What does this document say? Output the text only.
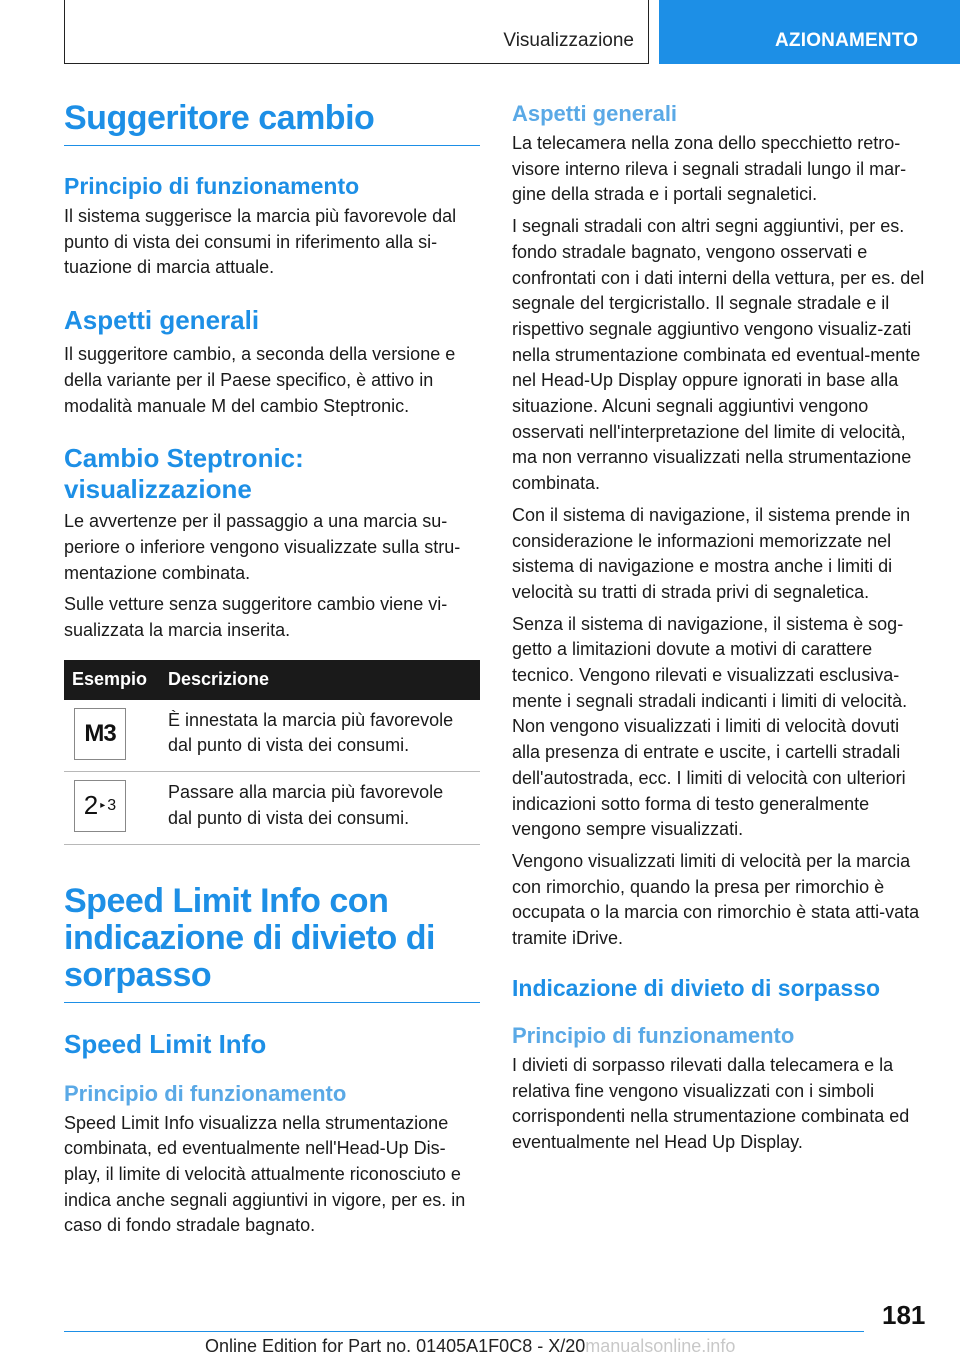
Visualizzazione	AZIONAMENTO
Suggeritore cambio
Principio di funzionamento

Il sistema suggerisce la marcia più favorevole dal punto di vista dei consumi in riferimento alla si-tuazione di marcia attuale.

Aspetti generali

Il suggeritore cambio, a seconda della versione e della variante per il Paese specifico, è attivo in modalità manuale M del cambio Steptronic.

Cambio Steptronic: visualizzazione

Le avvertenze per il passaggio a una marcia su-periore o inferiore vengono visualizzate sulla stru-mentazione combinata.

Sulle vetture senza suggeritore cambio viene vi-sualizzata la marcia inserita.

Esempio	Descrizione

M3	È innestata la marcia più favorevole dal punto di vista dei consumi.

2 ▸ 3	Passare alla marcia più favorevole dal punto di vista dei consumi.
Speed Limit Info con indicazione di divieto di sorpasso
Speed Limit Info
Principio di funzionamento

Speed Limit Info visualizza nella strumentazione combinata, ed eventualmente nell'Head-Up Dis-play, il limite di velocità attualmente riconosciuto e indica anche segnali aggiuntivi in vigore, per es. in caso di fondo stradale bagnato.

Aspetti generali

La telecamera nella zona dello specchietto retro-visore interno rileva i segnali stradali lungo il mar-gine della strada e i portali segnaletici.

I segnali stradali con altri segni aggiuntivi, per es. fondo stradale bagnato, vengono osservati e confrontati con i dati interni della vettura, per es. del segnale del tergicristallo. Il segnale stradale e il rispettivo segnale aggiuntivo vengono visualiz-zati nella strumentazione combinata ed eventual-mente nel Head-Up Display oppure ignorati in base alla situazione. Alcuni segnali aggiuntivi vengono osservati nell'interpretazione del limite di velocità, ma non verranno visualizzati nella strumentazione combinata.

Con il sistema di navigazione, il sistema prende in considerazione le informazioni memorizzate nel sistema di navigazione e mostra anche i limiti di velocità su tratti di strada privi di segnaletica.

Senza il sistema di navigazione, il sistema è sog-getto a limitazioni dovute a motivi di carattere tecnico. Vengono rilevati e visualizzati esclusiva-mente i segnali stradali indicanti i limiti di velocità. Non vengono visualizzati i limiti di velocità dovuti alla presenza di entrate e uscite, i cartelli stradali dell'autostrada, ecc. I limiti di velocità con ulteriori indicazioni sotto forma di testo generalmente vengono sempre visualizzati.

Vengono visualizzati limiti di velocità per la marcia con rimorchio, quando la presa per rimorchio è occupata o la marcia con rimorchio è stata atti-vata tramite iDrive.

Indicazione di divieto di sorpasso
Principio di funzionamento

I divieti di sorpasso rilevati dalla telecamera e la relativa fine vengono visualizzati con i simboli corrispondenti nella strumentazione combinata ed eventualmente nel Head Up Display.

181
Online Edition for Part no. 01405A1F0C8 - X/20manualsonline.info
